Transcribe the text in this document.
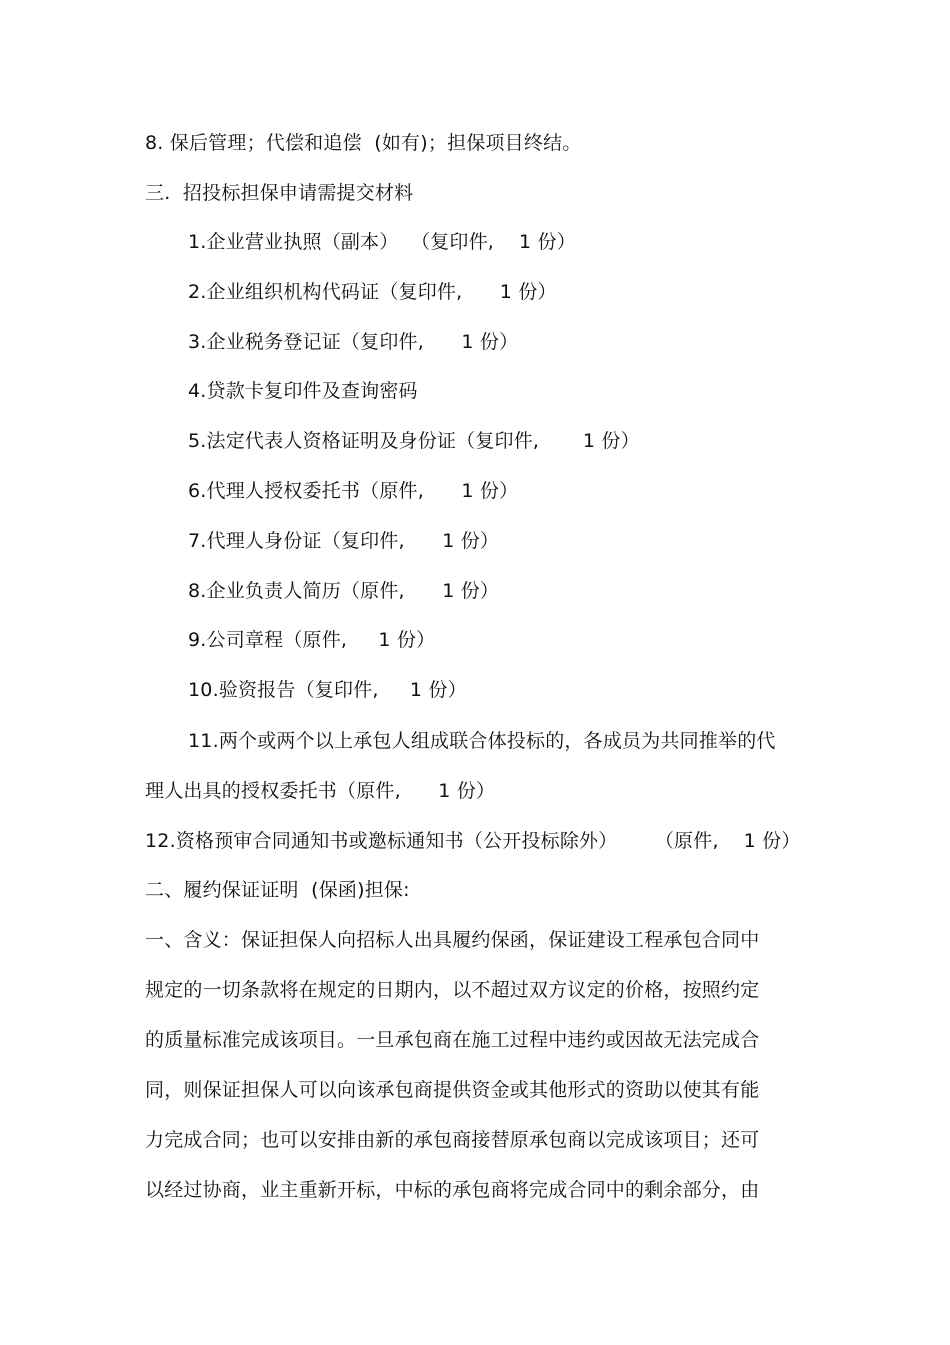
8. 保后管理；代偿和追偿  (如有)；担保项目终结。
三.  招投标担保申请需提交材料
1.企业营业执照（副本）  （复印件,    1 份）
2.企业组织机构代码证（复印件,      1 份）
3.企业税务登记证（复印件,      1 份）
4.贷款卡复印件及查询密码
5.法定代表人资格证明及身份证（复印件,       1 份）
6.代理人授权委托书（原件,      1 份）
7.代理人身份证（复印件,      1 份）
8.企业负责人简历（原件,      1 份）
9.公司章程（原件,     1 份）
10.验资报告（复印件,     1 份）
11.两个或两个以上承包人组成联合体投标的，各成员为共同推举的代
理人出具的授权委托书（原件,      1 份）
12.资格预审合同通知书或邀标通知书（公开投标除外）      （原件,    1 份）
二、履约保证证明  (保函)担保:
一、含义：保证担保人向招标人出具履约保函，保证建设工程承包合同中
规定的一切条款将在规定的日期内，以不超过双方议定的价格，按照约定
的质量标准完成该项目。一旦承包商在施工过程中违约或因故无法完成合
同，则保证担保人可以向该承包商提供资金或其他形式的资助以使其有能
力完成合同；也可以安排由新的承包商接替原承包商以完成该项目；还可
以经过协商，业主重新开标，中标的承包商将完成合同中的剩余部分，由
